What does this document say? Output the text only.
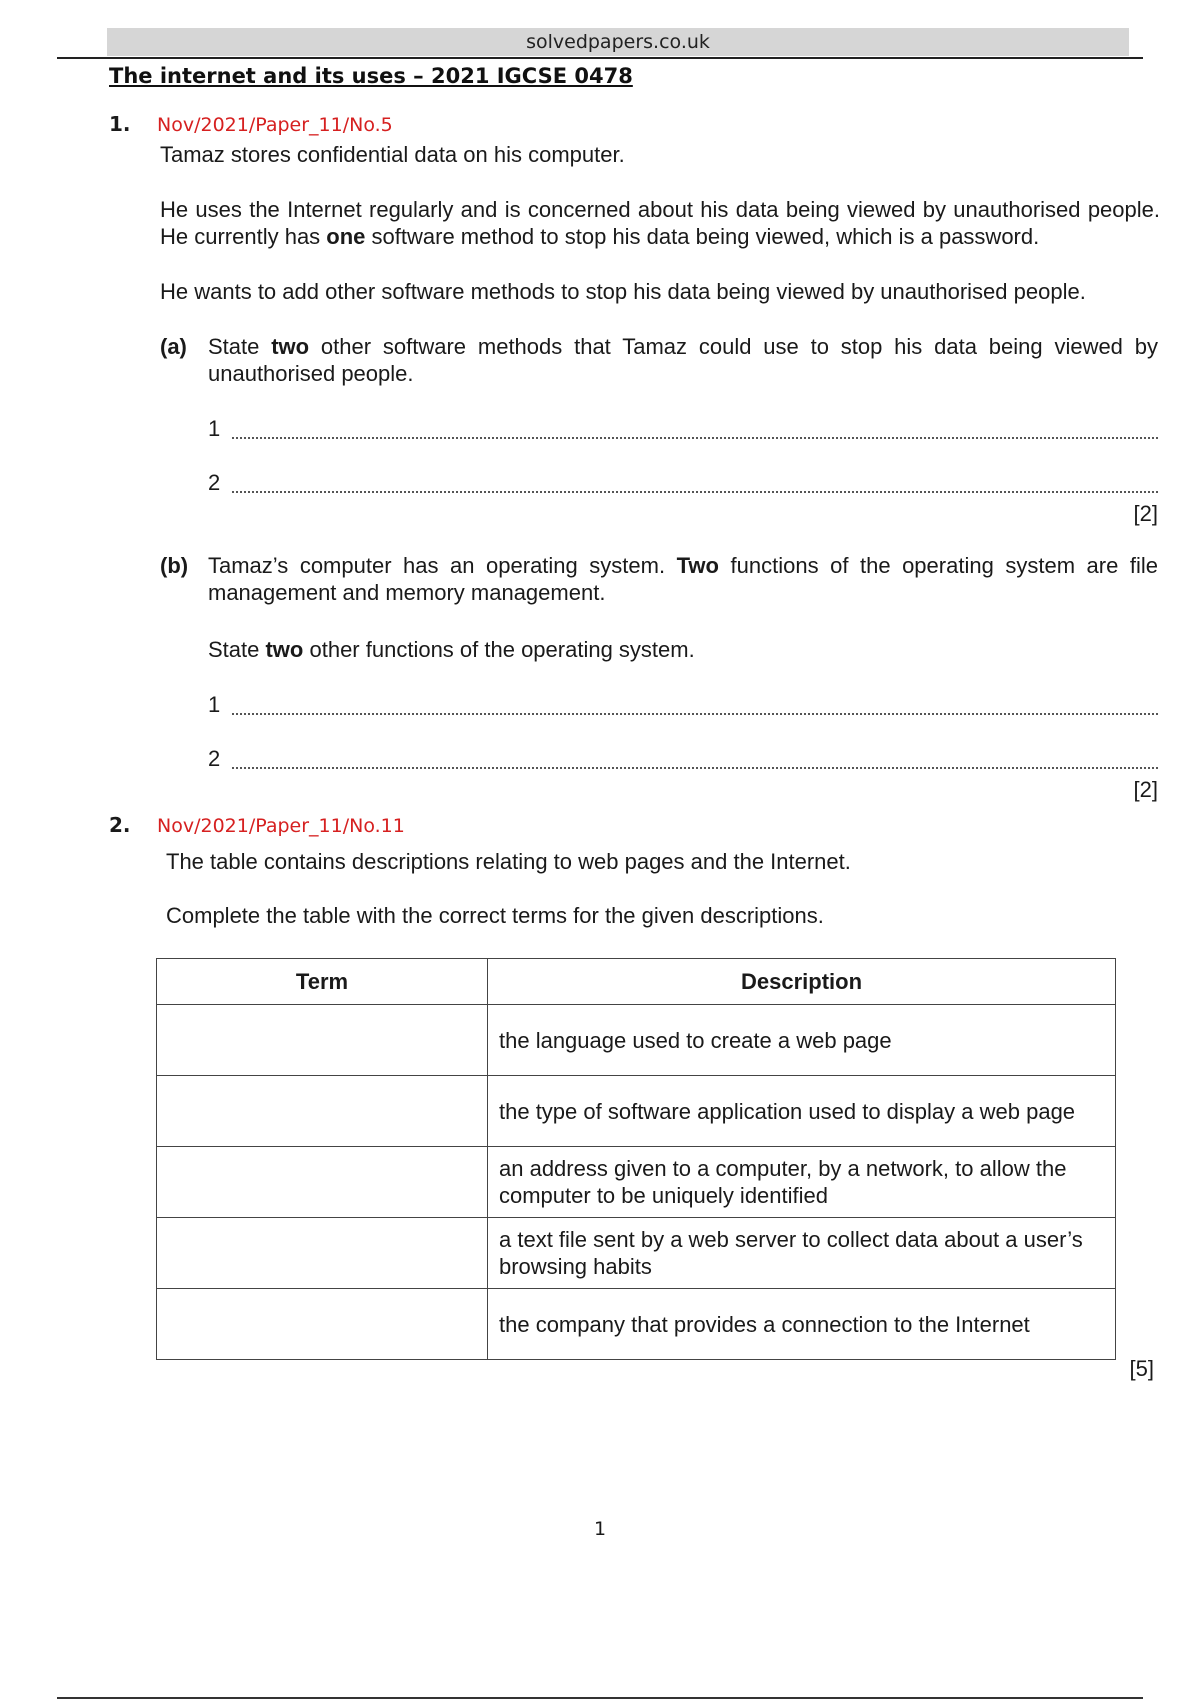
solvedpapers.co.uk
The internet and its uses – 2021 IGCSE 0478
1. Nov/2021/Paper_11/No.5
Tamaz stores confidential data on his computer.
He uses the Internet regularly and is concerned about his data being viewed by unauthorised people. He currently has one software method to stop his data being viewed, which is a password.
He wants to add other software methods to stop his data being viewed by unauthorised people.
(a) State two other software methods that Tamaz could use to stop his data being viewed by unauthorised people.
1
2
[2]
(b) Tamaz’s computer has an operating system. Two functions of the operating system are file management and memory management.
State two other functions of the operating system.
1
2
[2]
2. Nov/2021/Paper_11/No.11
The table contains descriptions relating to web pages and the Internet.
Complete the table with the correct terms for the given descriptions.
Term	Description
	the language used to create a web page
	the type of software application used to display a web page
	an address given to a computer, by a network, to allow the computer to be uniquely identified
	a text file sent by a web server to collect data about a user’s browsing habits
	the company that provides a connection to the Internet
[5]
1
